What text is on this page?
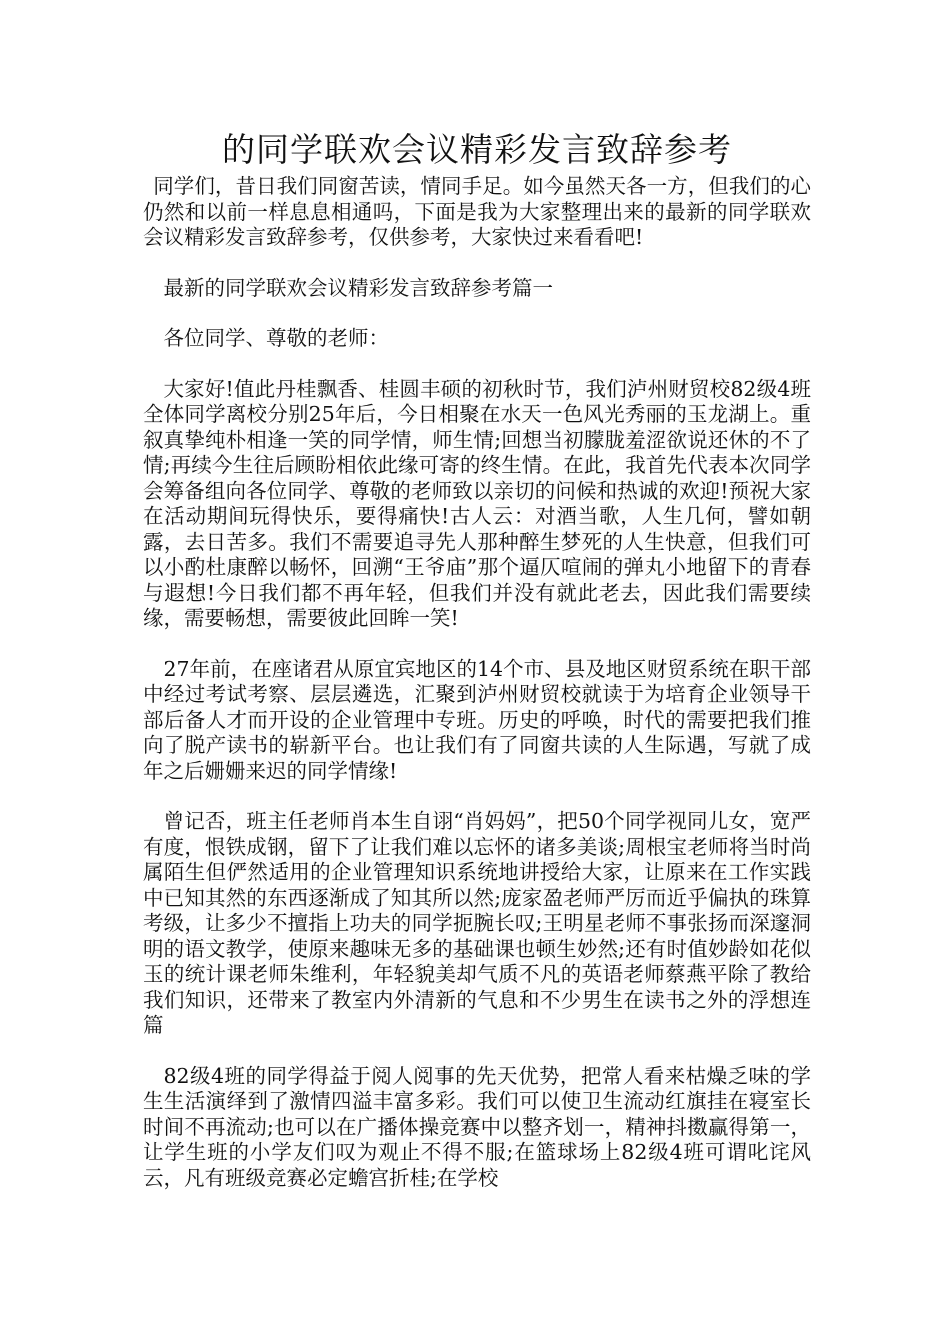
的同学联欢会议精彩发言致辞参考

同学们，昔日我们同窗苦读，情同手足。如今虽然天各一方，但我们的心仍然和以前一样息息相通吗，下面是我为大家整理出来的最新的同学联欢会议精彩发言致辞参考，仅供参考，大家快过来看看吧!

最新的同学联欢会议精彩发言致辞参考篇一

各位同学、尊敬的老师：

大家好!值此丹桂飘香、桂圆丰硕的初秋时节，我们泸州财贸校82级4班全体同学离校分别25年后，今日相聚在水天一色风光秀丽的玉龙湖上。重叙真挚纯朴相逢一笑的同学情，师生情;回想当初朦胧羞涩欲说还休的不了情;再续今生往后顾盼相依此缘可寄的终生情。在此，我首先代表本次同学会筹备组向各位同学、尊敬的老师致以亲切的问候和热诚的欢迎!预祝大家在活动期间玩得快乐，要得痛快!古人云：对酒当歌，人生几何，譬如朝露，去日苦多。我们不需要追寻先人那种醉生梦死的人生快意，但我们可以小酌杜康醉以畅怀，回溯“王爷庙”那个逼仄喧闹的弹丸小地留下的青春与遐想!今日我们都不再年轻，但我们并没有就此老去，因此我们需要续缘，需要畅想，需要彼此回眸一笑!

27年前，在座诸君从原宜宾地区的14个市、县及地区财贸系统在职干部中经过考试考察、层层遴选，汇聚到泸州财贸校就读于为培育企业领导干部后备人才而开设的企业管理中专班。历史的呼唤，时代的需要把我们推向了脱产读书的崭新平台。也让我们有了同窗共读的人生际遇，写就了成年之后姗姗来迟的同学情缘!

曾记否，班主任老师肖本生自诩“肖妈妈”，把50个同学视同儿女，宽严有度，恨铁成钢，留下了让我们难以忘怀的诸多美谈;周根宝老师将当时尚属陌生但俨然适用的企业管理知识系统地讲授给大家，让原来在工作实践中已知其然的东西逐渐成了知其所以然;庞家盈老师严厉而近乎偏执的珠算考级，让多少不擅指上功夫的同学扼腕长叹;王明星老师不事张扬而深邃洞明的语文教学，使原来趣味无多的基础课也顿生妙然;还有时值妙龄如花似玉的统计课老师朱维利，年轻貌美却气质不凡的英语老师蔡燕平除了教给我们知识，还带来了教室内外清新的气息和不少男生在读书之外的浮想连篇

82级4班的同学得益于阅人阅事的先天优势，把常人看来枯燥乏味的学生生活演绎到了激情四溢丰富多彩。我们可以使卫生流动红旗挂在寝室长时间不再流动;也可以在广播体操竞赛中以整齐划一，精神抖擞赢得第一，让学生班的小学友们叹为观止不得不服;在篮球场上82级4班可谓叱诧风云，凡有班级竞赛必定蟾宫折桂;在学校
